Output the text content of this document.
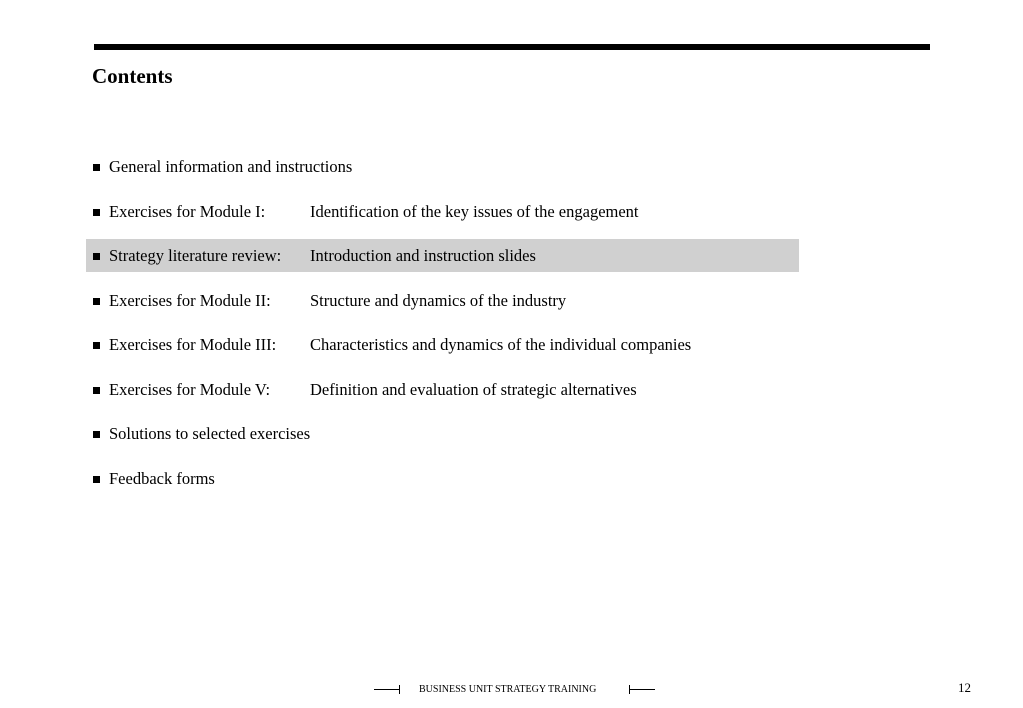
Contents
General information and instructions
Exercises for Module I:	Identification of the key issues of the engagement
Strategy literature review: Introduction and instruction slides
Exercises for Module II: Structure and dynamics of the industry
Exercises for Module III: Characteristics and dynamics of the individual companies
Exercises for Module V: Definition and evaluation of strategic alternatives
Solutions to selected exercises
Feedback forms
BUSINESS UNIT STRATEGY TRAINING	12
